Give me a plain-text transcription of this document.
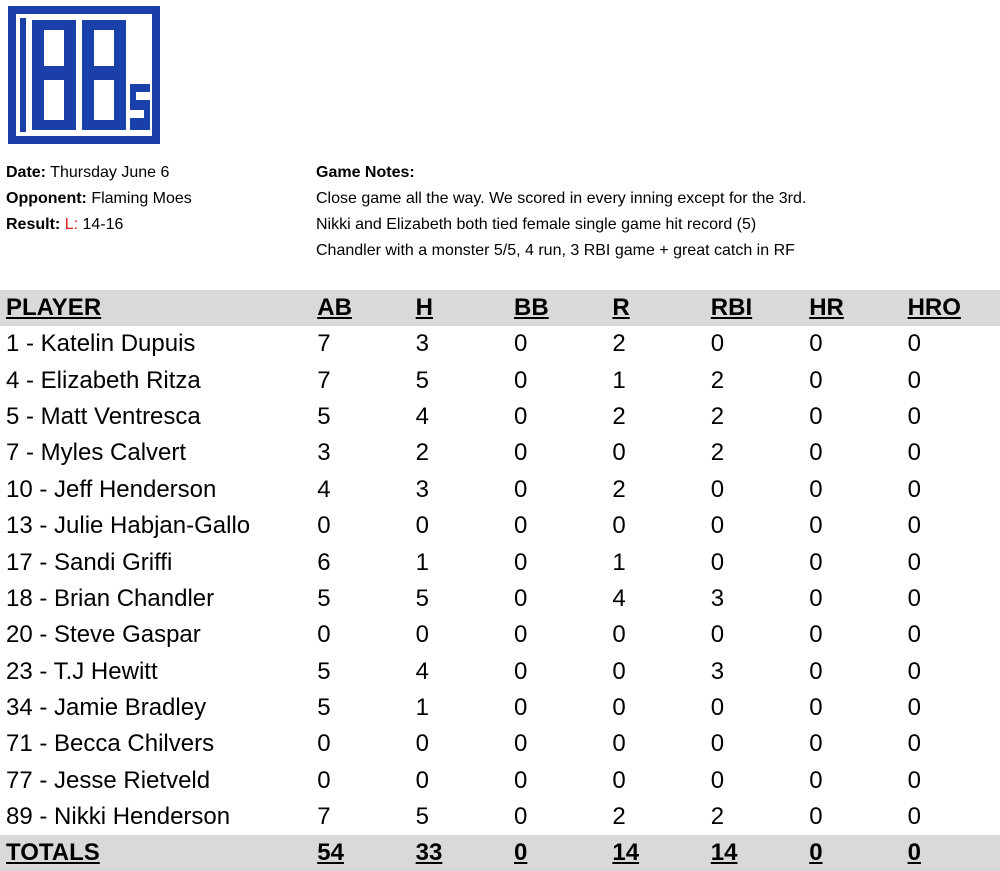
Date: Thursday June 6
Opponent: Flaming Moes
Result: L: 14-16
Game Notes:
Close game all the way. We scored in every inning except for the 3rd.
Nikki and Elizabeth both tied female single game hit record (5)
Chandler with a monster 5/5, 4 run, 3 RBI game + great catch in RF
PLAYER	AB	H	BB	R	RBI	HR	HRO
1 - Katelin Dupuis	7	3	0	2	0	0	0
4 - Elizabeth Ritza	7	5	0	1	2	0	0
5 - Matt Ventresca	5	4	0	2	2	0	0
7 - Myles Calvert	3	2	0	0	2	0	0
10 - Jeff Henderson	4	3	0	2	0	0	0
13 - Julie Habjan-Gallo	0	0	0	0	0	0	0
17 - Sandi Griffi	6	1	0	1	0	0	0
18 - Brian Chandler	5	5	0	4	3	0	0
20 - Steve Gaspar	0	0	0	0	0	0	0
23 - T.J Hewitt	5	4	0	0	3	0	0
34 - Jamie Bradley	5	1	0	0	0	0	0
71 - Becca Chilvers	0	0	0	0	0	0	0
77 - Jesse Rietveld	0	0	0	0	0	0	0
89 - Nikki Henderson	7	5	0	2	2	0	0
TOTALS	54	33	0	14	14	0	0
